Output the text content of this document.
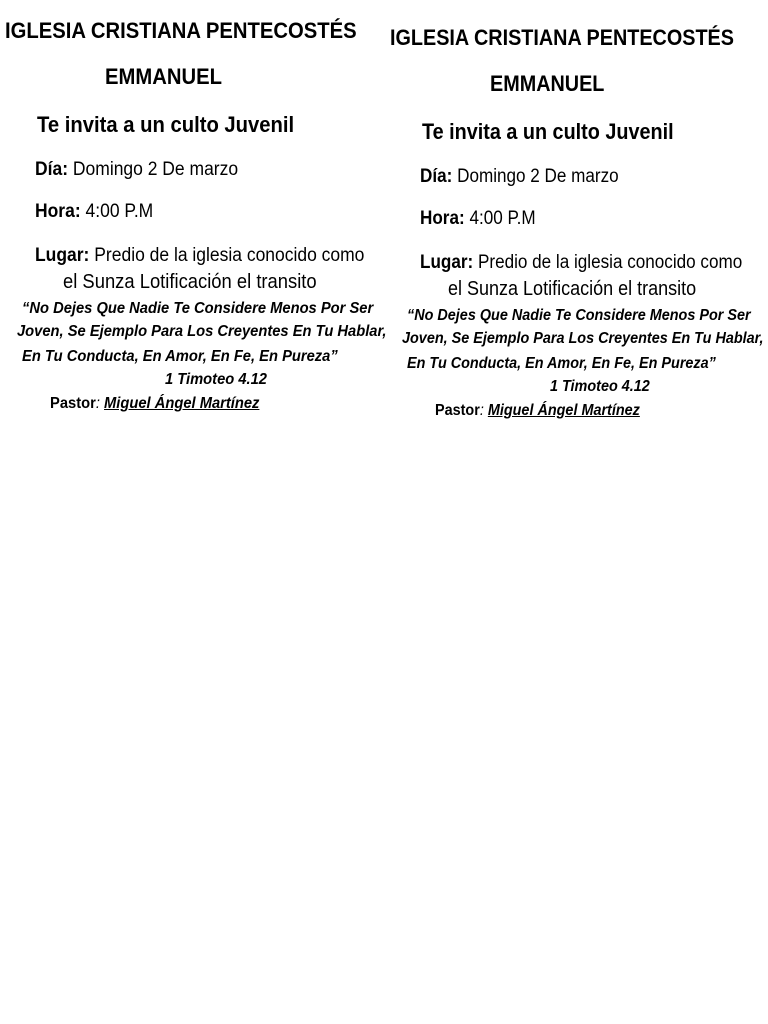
IGLESIA CRISTIANA PENTECOSTÉS
EMMANUEL
Te invita a un culto Juvenil
Día: Domingo 2 De marzo
Hora: 4:00 P.M
Lugar: Predio de la iglesia conocido como
el Sunza Lotificación el transito
“No Dejes Que Nadie Te Considere Menos Por Ser
Joven, Se Ejemplo Para Los Creyentes En Tu Hablar,
En Tu Conducta, En Amor, En Fe, En Pureza”
1 Timoteo 4.12
Pastor: Miguel Ángel Martínez
IGLESIA CRISTIANA PENTECOSTÉS
EMMANUEL
Te invita a un culto Juvenil
Día: Domingo 2 De marzo
Hora: 4:00 P.M
Lugar: Predio de la iglesia conocido como
el Sunza Lotificación el transito
“No Dejes Que Nadie Te Considere Menos Por Ser
Joven, Se Ejemplo Para Los Creyentes En Tu Hablar,
En Tu Conducta, En Amor, En Fe, En Pureza”
1 Timoteo 4.12
Pastor: Miguel Ángel Martínez
